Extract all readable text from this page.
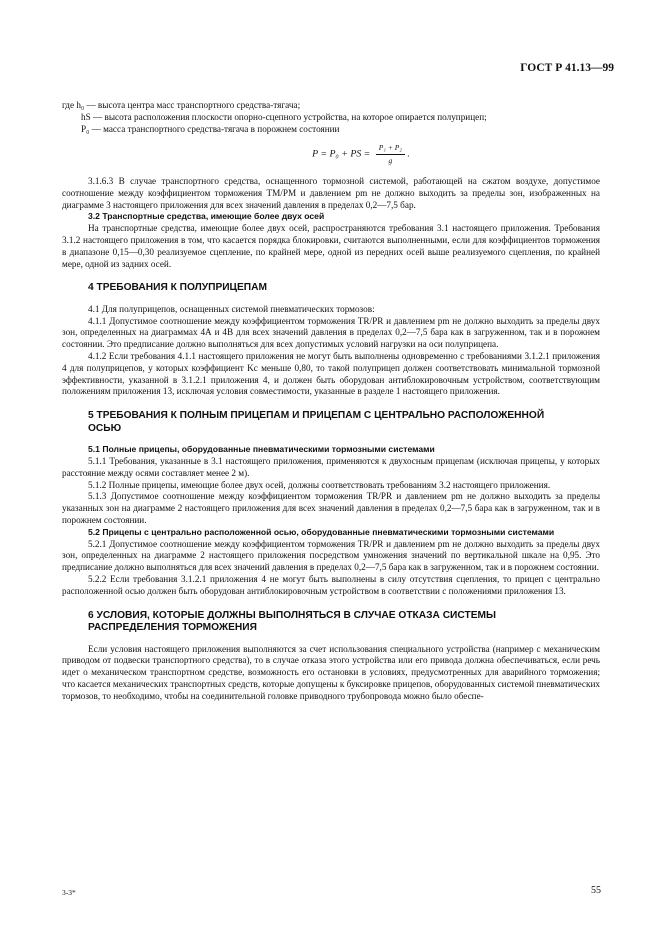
ГОСТ Р 41.13—99

где h₀ — высота центра масс транспортного средства-тягача;

hS — высота расположения плоскости опорно-сцепного устройства, на которое опирается полуприцеп;

P₀ — масса транспортного средства-тягача в порожнем состоянии

P = P₀ + PS = $\frac{\text{P₁ + P₂}}{g}$ .

3.1.6.3 В случае транспортного средства, оснащенного тормозной системой, работающей на сжатом воздухе, допустимое соотношение между коэффициентом торможения TM/PM и давлением pm не должно выходить за пределы зон, изображенных на диаграмме 3 настоящего приложения для всех значений давления в пределах 0,2—7,5 бар.

3.2 Транспортные средства, имеющие более двух осей

На транспортные средства, имеющие более двух осей, распространяются требования 3.1 настоящего приложения. Требования 3.1.2 настоящего приложения в том, что касается порядка блокировки, считаются выполненными, если для коэффициентов торможения в диапазоне 0,15—0,30 реализуемое сцепление, по крайней мере, одной из передних осей выше реализуемого сцепления, по крайней мере, одной из задних осей.

4 ТРЕБОВАНИЯ К ПОЛУПРИЦЕПАМ

4.1 Для полуприцепов, оснащенных системой пневматических тормозов:

4.1.1 Допустимое соотношение между коэффициентом торможения TR/PR и давлением pm не должно выходить за пределы двух зон, определенных на диаграммах 4А и 4В для всех значений давления в пределах 0,2—7,5 бара как в загруженном, так и в порожнем состоянии. Это предписание должно выполняться для всех допустимых условий нагрузки на оси полуприцепа.

4.1.2 Если требования 4.1.1 настоящего приложения не могут быть выполнены одновременно с требованиями 3.1.2.1 приложения 4 для полуприцепов, у которых коэффициент Kc меньше 0,80, то такой полуприцеп должен соответствовать минимальной тормозной эффективности, указанной в 3.1.2.1 приложения 4, и должен быть оборудован антиблокировочным устройством, соответствующим положениям приложения 13, исключая условия совместимости, указанные в разделе 1 настоящего приложения.

5 ТРЕБОВАНИЯ К ПОЛНЫМ ПРИЦЕПАМ И ПРИЦЕПАМ С ЦЕНТРАЛЬНО РАСПОЛОЖЕННОЙ
ОСЬЮ

5.1 Полные прицепы, оборудованные пневматическими тормозными системами

5.1.1 Требования, указанные в 3.1 настоящего приложения, применяются к двухосным прицепам (исключая прицепы, у которых расстояние между осями составляет менее 2 м).

5.1.2 Полные прицепы, имеющие более двух осей, должны соответствовать требованиям 3.2 настоящего приложения.

5.1.3 Допустимое соотношение между коэффициентом торможения TR/PR и давлением pm не должно выходить за пределы указанных зон на диаграмме 2 настоящего приложения для всех значений давления в пределах 0,2—7,5 бара как в загруженном, так и в порожнем состоянии.

5.2 Прицепы с центрально расположенной осью, оборудованные пневматическими тормозными системами

5.2.1 Допустимое соотношение между коэффициентом торможения TR/PR и давлением pm не должно выходить за пределы двух зон, определенных на диаграмме 2 настоящего приложения посредством умножения значений по вертикальной шкале на 0,95. Это предписание должно выполняться для всех значений давления в пределах 0,2—7,5 бара как в загруженном, так и в порожнем состоянии.

5.2.2 Если требования 3.1.2.1 приложения 4 не могут быть выполнены в силу отсутствия сцепления, то прицеп с центрально расположенной осью должен быть оборудован антиблокировочным устройством в соответствии с положениями приложения 13.

6 УСЛОВИЯ, КОТОРЫЕ ДОЛЖНЫ ВЫПОЛНЯТЬСЯ В СЛУЧАЕ ОТКАЗА СИСТЕМЫ
РАСПРЕДЕЛЕНИЯ ТОРМОЖЕНИЯ

Если условия настоящего приложения выполняются за счет использования специального устройства (например с механическим приводом от подвески транспортного средства), то в случае отказа этого устройства или его привода должна обеспечиваться, если речь идет о механическом транспортном средстве, возможность его остановки в условиях, предусмотренных для аварийного торможения; что касается механических транспортных средств, которые допущены к буксировке прицепов, оборудованных системой пневматических тормозов, то необходимо, чтобы на соединительной головке приводного трубопровода можно было обеспе-

3-3*	55
